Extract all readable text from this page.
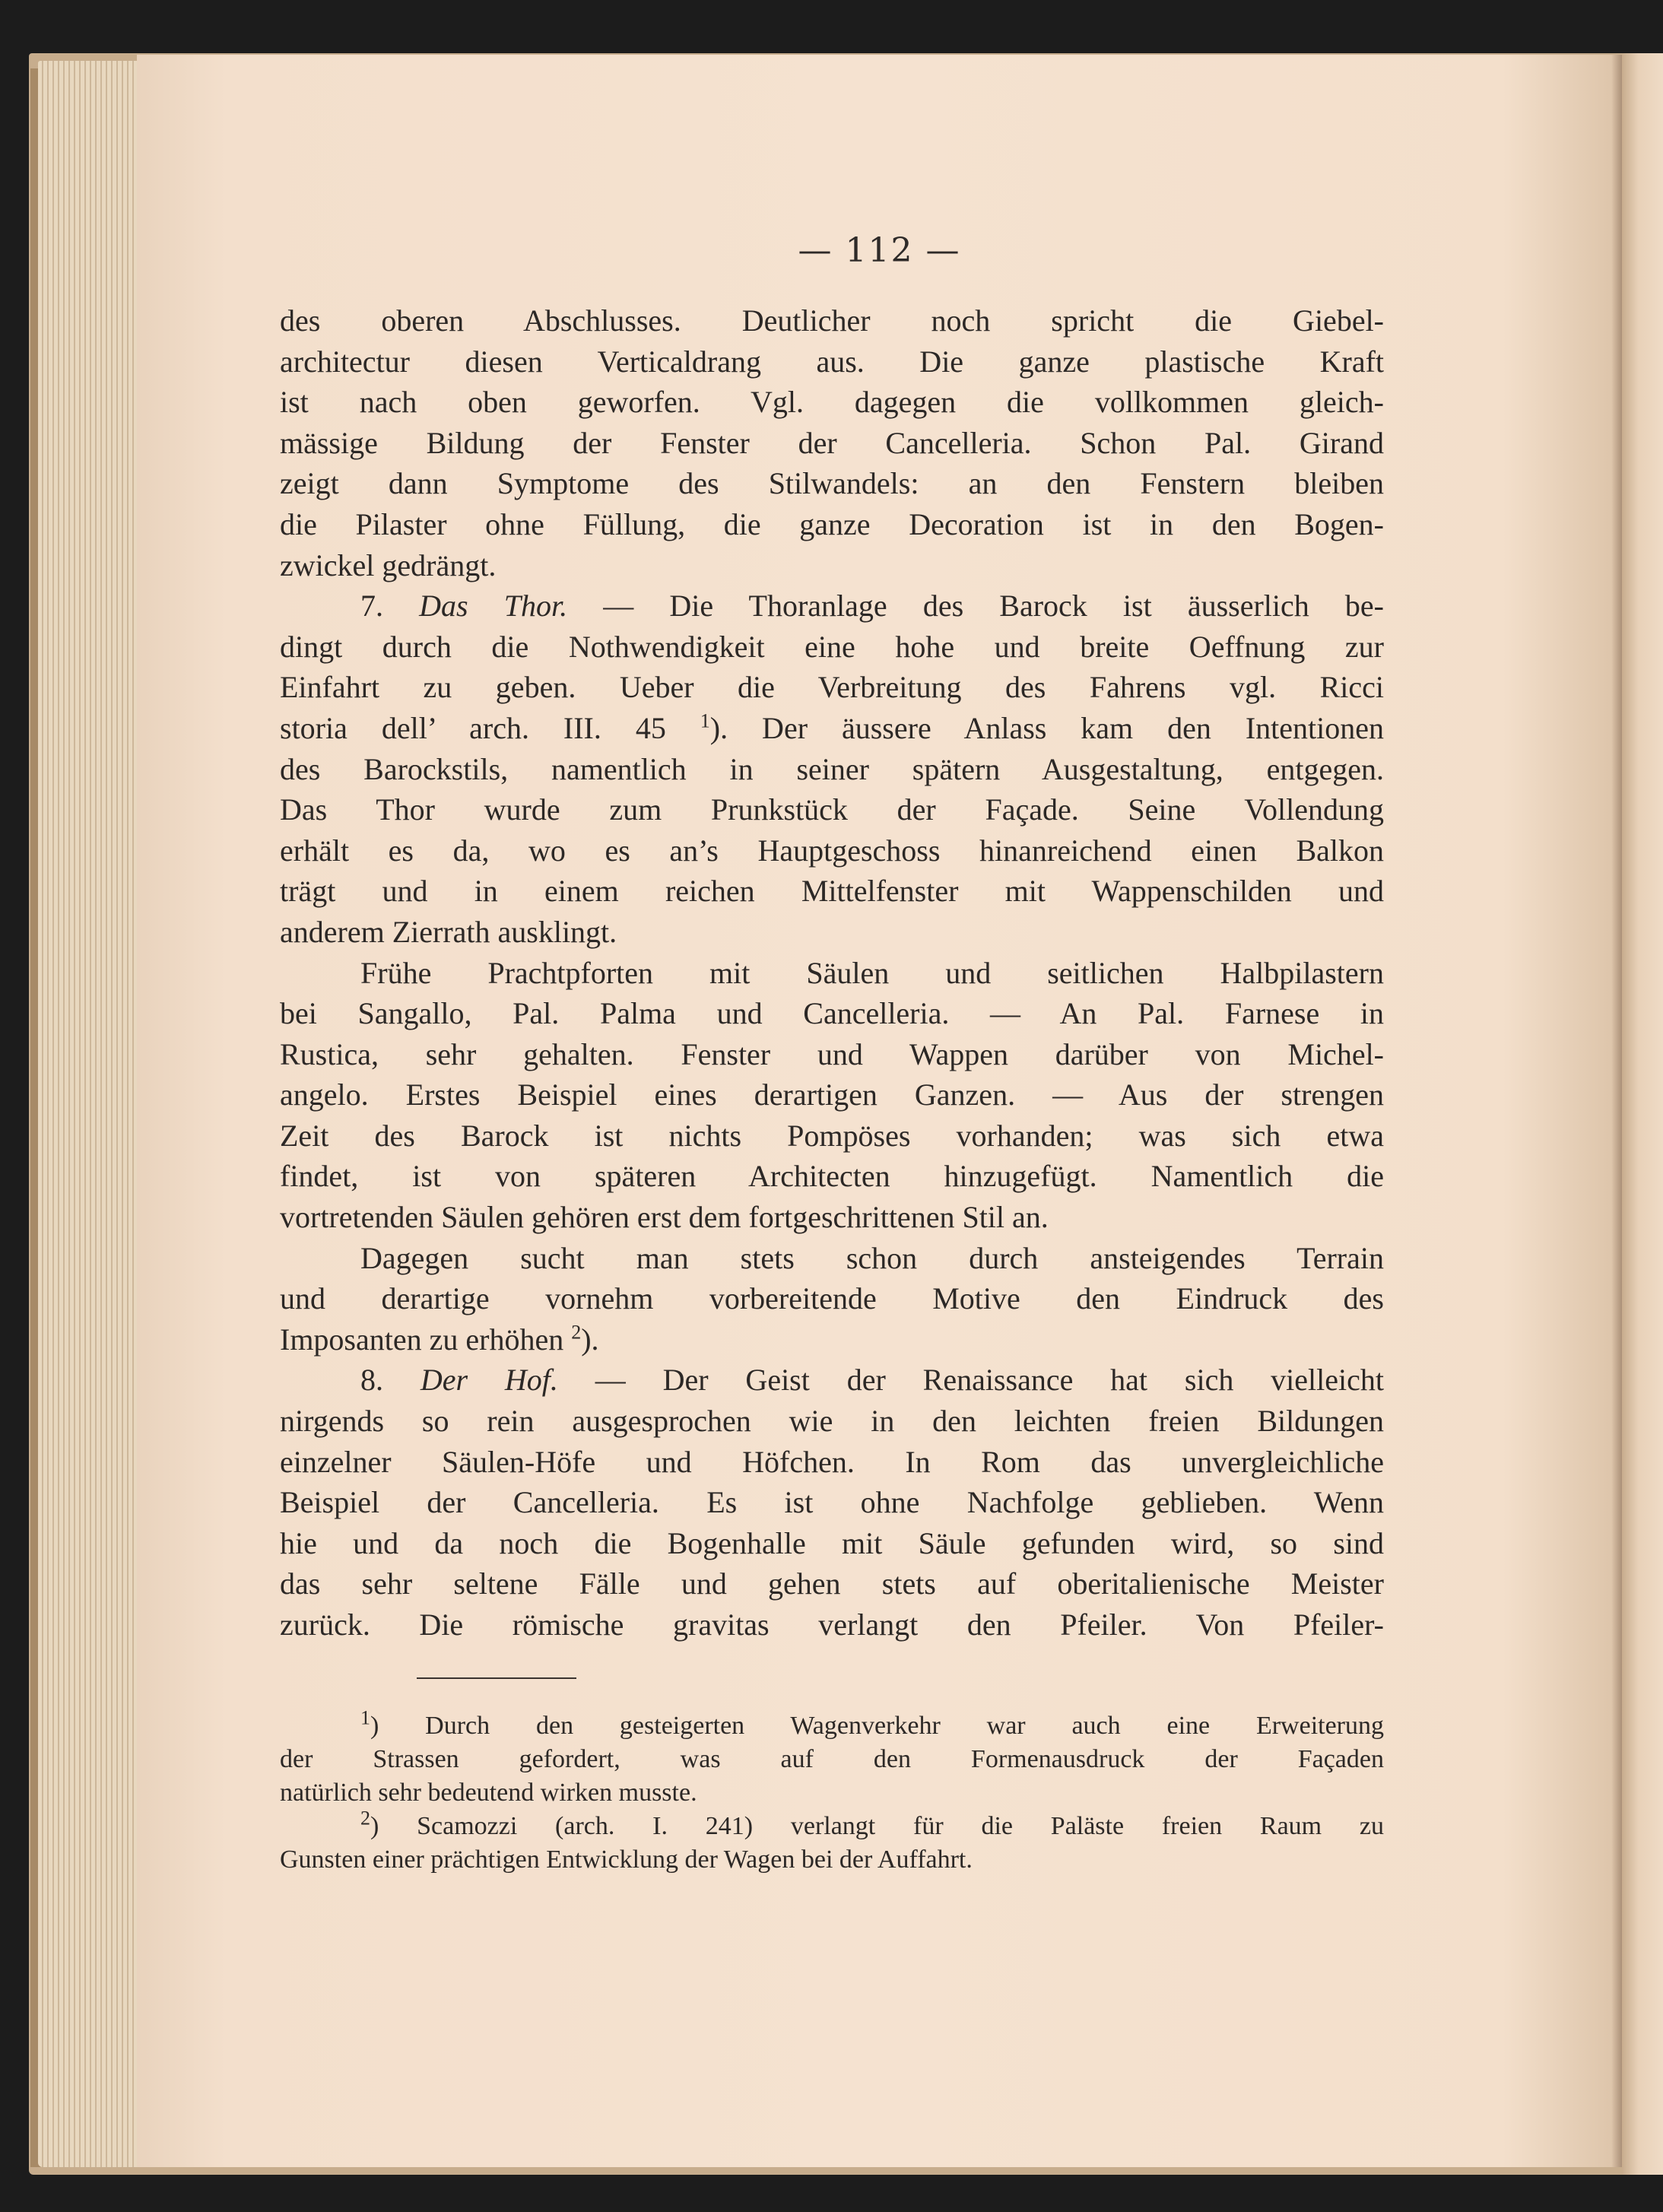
— 112 —
des oberen Abschlusses. Deutlicher noch spricht die Giebel-
architectur diesen Verticaldrang aus. Die ganze plastische Kraft
ist nach oben geworfen. Vgl. dagegen die vollkommen gleich-
mässige Bildung der Fenster der Cancelleria. Schon Pal. Girand
zeigt dann Symptome des Stilwandels: an den Fenstern bleiben
die Pilaster ohne Füllung, die ganze Decoration ist in den Bogen-
zwickel gedrängt.
7. Das Thor. — Die Thoranlage des Barock ist äusserlich be-
dingt durch die Nothwendigkeit eine hohe und breite Oeffnung zur
Einfahrt zu geben. Ueber die Verbreitung des Fahrens vgl. Ricci
storia dell’ arch. III. 45 $^1$). Der äussere Anlass kam den Intentionen
des Barockstils, namentlich in seiner spätern Ausgestaltung, entgegen.
Das Thor wurde zum Prunkstück der Façade. Seine Vollendung
erhält es da, wo es an’s Hauptgeschoss hinanreichend einen Balkon
trägt und in einem reichen Mittelfenster mit Wappenschilden und
anderem Zierrath ausklingt.
Frühe Prachtpforten mit Säulen und seitlichen Halbpilastern
bei Sangallo, Pal. Palma und Cancelleria. — An Pal. Farnese in
Rustica, sehr gehalten. Fenster und Wappen darüber von Michel-
angelo. Erstes Beispiel eines derartigen Ganzen. — Aus der strengen
Zeit des Barock ist nichts Pompöses vorhanden; was sich etwa
findet, ist von späteren Architecten hinzugefügt. Namentlich die
vortretenden Säulen gehören erst dem fortgeschrittenen Stil an.
Dagegen sucht man stets schon durch ansteigendes Terrain
und derartige vornehm vorbereitende Motive den Eindruck des
Imposanten zu erhöhen $^2$).
8. Der Hof. — Der Geist der Renaissance hat sich vielleicht
nirgends so rein ausgesprochen wie in den leichten freien Bildungen
einzelner Säulen-Höfe und Höfchen. In Rom das unvergleichliche
Beispiel der Cancelleria. Es ist ohne Nachfolge geblieben. Wenn
hie und da noch die Bogenhalle mit Säule gefunden wird, so sind
das sehr seltene Fälle und gehen stets auf oberitalienische Meister
zurück. Die römische gravitas verlangt den Pfeiler. Von Pfeiler-
$^1$) Durch den gesteigerten Wagenverkehr war auch eine Erweiterung
der Strassen gefordert, was auf den Formenausdruck der Façaden
natürlich sehr bedeutend wirken musste.
$^2$) Scamozzi (arch. I. 241) verlangt für die Paläste freien Raum zu
Gunsten einer prächtigen Entwicklung der Wagen bei der Auffahrt.
